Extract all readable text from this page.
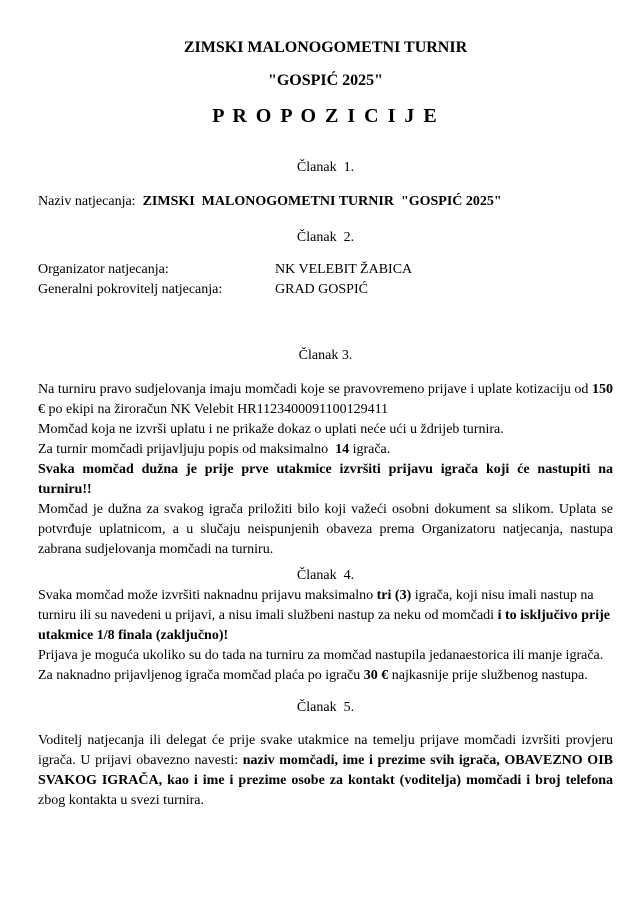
ZIMSKI MALONOGOMETNI TURNIR
"GOSPIĆ 2025"
P R O P O Z I C I J E
Članak  1.

Naziv natjecanja:  ZIMSKI  MALONOGOMETNI TURNIR  "GOSPIĆ 2025"

Članak  2.
Organizator natjecanja:	NK VELEBIT ŽABICA
Generalni pokrovitelj natjecanja:	GRAD GOSPIĆ
Članak 3.

Na turniru pravo sudjelovanja imaju momčadi koje se pravovremeno prijave i uplate kotizaciju od 150 € po ekipi na žiroračun NK Velebit HR1123400091100129411

Momčad koja ne izvrši uplatu i ne prikaže dokaz o uplati neće ući u ždrijeb turnira.

Za turnir momčadi prijavljuju popis od maksimalno  14 igrača.

Svaka momčad dužna je prije prve utakmice izvršiti prijavu igrača koji će nastupiti na turniru!!

Momčad je dužna za svakog igrača priložiti bilo koji važeći osobni dokument sa slikom. Uplata se potvrđuje uplatnicom, a u slučaju neispunjenih obaveza prema Organizatoru natjecanja, nastupa zabrana sudjelovanja momčadi na turniru.

Članak  4.

Svaka momčad može izvršiti naknadnu prijavu maksimalno tri (3) igrača, koji nisu imali nastup na turniru ili su navedeni u prijavi, a nisu imali službeni nastup za neku od momčadi i to isključivo prije utakmice 1/8 finala (zaključno)!

Prijava je moguća ukoliko su do tada na turniru za momčad nastupila jedanaestorica ili manje igrača. Za naknadno prijavljenog igrača momčad plaća po igraču 30 € najkasnije prije službenog nastupa.

Članak  5.

Voditelj natjecanja ili delegat će prije svake utakmice na temelju prijave momčadi izvršiti provjeru igrača. U prijavi obavezno navesti: naziv momčadi, ime i prezime svih igrača, OBAVEZNO OIB SVAKOG IGRAČA, kao i ime i prezime osobe za kontakt (voditelja) momčadi i broj telefona zbog kontakta u svezi turnira.
